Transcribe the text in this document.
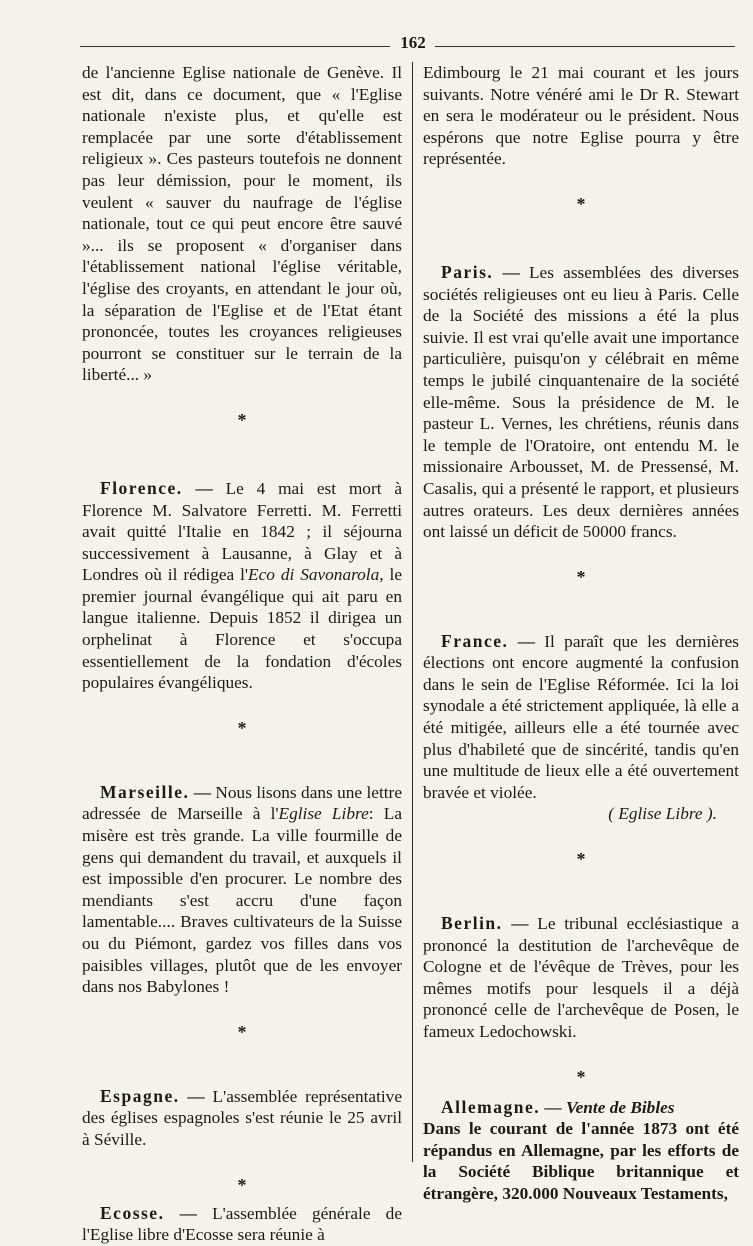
162

de l'ancienne Eglise nationale de Genève. Il est dit, dans ce document, que « l'Eglise nationale n'existe plus, et qu'elle est remplacée par une sorte d'établissement religieux ». Ces pasteurs toutefois ne donnent pas leur démission, pour le moment, ils veulent « sauver du naufrage de l'église nationale, tout ce qui peut encore être sauvé »... ils se proposent « d'organiser dans l'établissement national l'église véritable, l'église des croyants, en attendant le jour où, la séparation de l'Eglise et de l'Etat étant prononcée, toutes les croyances religieuses pourront se constituer sur le terrain de la liberté... »

*

Florence. — Le 4 mai est mort à Florence M. Salvatore Ferretti. M. Ferretti avait quitté l'Italie en 1842 ; il séjourna successivement à Lausanne, à Glay et à Londres où il rédigea l'Eco di Savonarola, le premier journal évangélique qui ait paru en langue italienne. Depuis 1852 il dirigea un orphelinat à Florence et s'occupa essentiellement de la fondation d'écoles populaires évangéliques.

*

Marseille. — Nous lisons dans une lettre adressée de Marseille à l'Eglise Libre: La misère est très grande. La ville fourmille de gens qui demandent du travail, et auxquels il est impossible d'en procurer. Le nombre des mendiants s'est accru d'une façon lamentable.... Braves cultivateurs de la Suisse ou du Piémont, gardez vos filles dans vos paisibles villages, plutôt que de les envoyer dans nos Babylones !

*

Espagne. — L'assemblée représentative des églises espagnoles s'est réunie le 25 avril à Séville.

*

Ecosse. — L'assemblée générale de l'Eglise libre d'Ecosse sera réunie à

Edimbourg le 21 mai courant et les jours suivants. Notre vénéré ami le Dr R. Stewart en sera le modérateur ou le président. Nous espérons que notre Eglise pourra y être représentée.

*

Paris. — Les assemblées des diverses sociétés religieuses ont eu lieu à Paris. Celle de la Société des missions a été la plus suivie. Il est vrai qu'elle avait une importance particulière, puisqu'on y célébrait en même temps le jubilé cinquantenaire de la société elle-même. Sous la présidence de M. le pasteur L. Vernes, les chrétiens, réunis dans le temple de l'Oratoire, ont entendu M. le missionaire Arbousset, M. de Pressensé, M. Casalis, qui a présenté le rapport, et plusieurs autres orateurs. Les deux dernières années ont laissé un déficit de 50000 francs.

*

France. — Il paraît que les dernières élections ont encore augmenté la confusion dans le sein de l'Eglise Réformée. Ici la loi synodale a été strictement appliquée, là elle a été mitigée, ailleurs elle a été tournée avec plus d'habileté que de sincérité, tandis qu'en une multitude de lieux elle a été ouvertement bravée et violée.

( Eglise Libre ).

*

Berlin. — Le tribunal ecclésiastique a prononcé la destitution de l'archevêque de Cologne et de l'évêque de Trèves, pour les mêmes motifs pour lesquels il a déjà prononcé celle de l'archevêque de Posen, le fameux Ledochowski.

*

Allemagne. — Vente de Bibles

Dans le courant de l'année 1873 ont été répandus en Allemagne, par les efforts de la Société Biblique britannique et étrangère, 320.000 Nouveaux Testaments,
